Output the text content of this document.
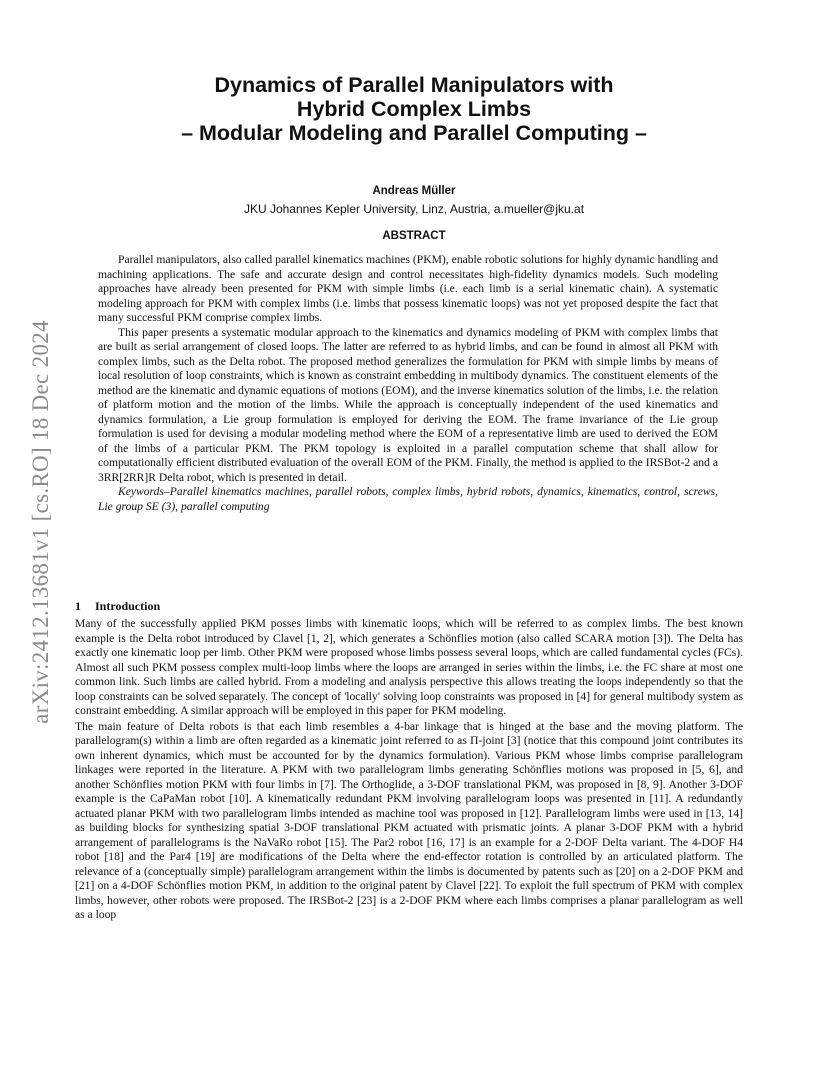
arXiv:2412.13681v1 [cs.RO] 18 Dec 2024
Dynamics of Parallel Manipulators with
Hybrid Complex Limbs
– Modular Modeling and Parallel Computing –
Andreas Müller
JKU Johannes Kepler University, Linz, Austria, a.mueller@jku.at
ABSTRACT

Parallel manipulators, also called parallel kinematics machines (PKM), enable robotic solutions for highly dynamic handling and machining applications. The safe and accurate design and control necessitates high-fidelity dynamics models. Such modeling approaches have already been presented for PKM with simple limbs (i.e. each limb is a serial kinematic chain). A systematic modeling approach for PKM with complex limbs (i.e. limbs that possess kinematic loops) was not yet proposed despite the fact that many successful PKM comprise complex limbs.

This paper presents a systematic modular approach to the kinematics and dynamics modeling of PKM with complex limbs that are built as serial arrangement of closed loops. The latter are referred to as hybrid limbs, and can be found in almost all PKM with complex limbs, such as the Delta robot. The proposed method generalizes the formulation for PKM with simple limbs by means of local resolution of loop constraints, which is known as constraint embedding in multibody dynamics. The constituent elements of the method are the kinematic and dynamic equations of motions (EOM), and the inverse kinematics solution of the limbs, i.e. the relation of platform motion and the motion of the limbs. While the approach is conceptually independent of the used kinematics and dynamics formulation, a Lie group formulation is employed for deriving the EOM. The frame invariance of the Lie group formulation is used for devising a modular modeling method where the EOM of a representative limb are used to derived the EOM of the limbs of a particular PKM. The PKM topology is exploited in a parallel computation scheme that shall allow for computationally efficient distributed evaluation of the overall EOM of the PKM. Finally, the method is applied to the IRSBot-2 and a 3RR[2RR]R Delta robot, which is presented in detail.

Keywords–Parallel kinematics machines, parallel robots, complex limbs, hybrid robots, dynamics, kinematics, control, screws, Lie group SE (3), parallel computing

1 Introduction

Many of the successfully applied PKM posses limbs with kinematic loops, which will be referred to as complex limbs. The best known example is the Delta robot introduced by Clavel [1, 2], which generates a Schönflies motion (also called SCARA motion [3]). The Delta has exactly one kinematic loop per limb. Other PKM were proposed whose limbs possess several loops, which are called fundamental cycles (FCs). Almost all such PKM possess complex multi-loop limbs where the loops are arranged in series within the limbs, i.e. the FC share at most one common link. Such limbs are called hybrid. From a modeling and analysis perspective this allows treating the loops independently so that the loop constraints can be solved separately. The concept of 'locally' solving loop constraints was proposed in [4] for general multibody system as constraint embedding. A similar approach will be employed in this paper for PKM modeling.

The main feature of Delta robots is that each limb resembles a 4-bar linkage that is hinged at the base and the moving platform. The parallelogram(s) within a limb are often regarded as a kinematic joint referred to as Π-joint [3] (notice that this compound joint contributes its own inherent dynamics, which must be accounted for by the dynamics formulation). Various PKM whose limbs comprise parallelogram linkages were reported in the literature. A PKM with two parallelogram limbs generating Schönflies motions was proposed in [5, 6], and another Schönflies motion PKM with four limbs in [7]. The Orthoglide, a 3-DOF translational PKM, was proposed in [8, 9]. Another 3-DOF example is the CaPaMan robot [10]. A kinematically redundant PKM involving parallelogram loops was presented in [11]. A redundantly actuated planar PKM with two parallelogram limbs intended as machine tool was proposed in [12]. Parallelogram limbs were used in [13, 14] as building blocks for synthesizing spatial 3-DOF translational PKM actuated with prismatic joints. A planar 3-DOF PKM with a hybrid arrangement of parallelograms is the NaVaRo robot [15]. The Par2 robot [16, 17] is an example for a 2-DOF Delta variant. The 4-DOF H4 robot [18] and the Par4 [19] are modifications of the Delta where the end-effector rotation is controlled by an articulated platform. The relevance of a (conceptually simple) parallelogram arrangement within the limbs is documented by patents such as [20] on a 2-DOF PKM and [21] on a 4-DOF Schönflies motion PKM, in addition to the original patent by Clavel [22]. To exploit the full spectrum of PKM with complex limbs, however, other robots were proposed. The IRSBot-2 [23] is a 2-DOF PKM where each limbs comprises a planar parallelogram as well as a loop
